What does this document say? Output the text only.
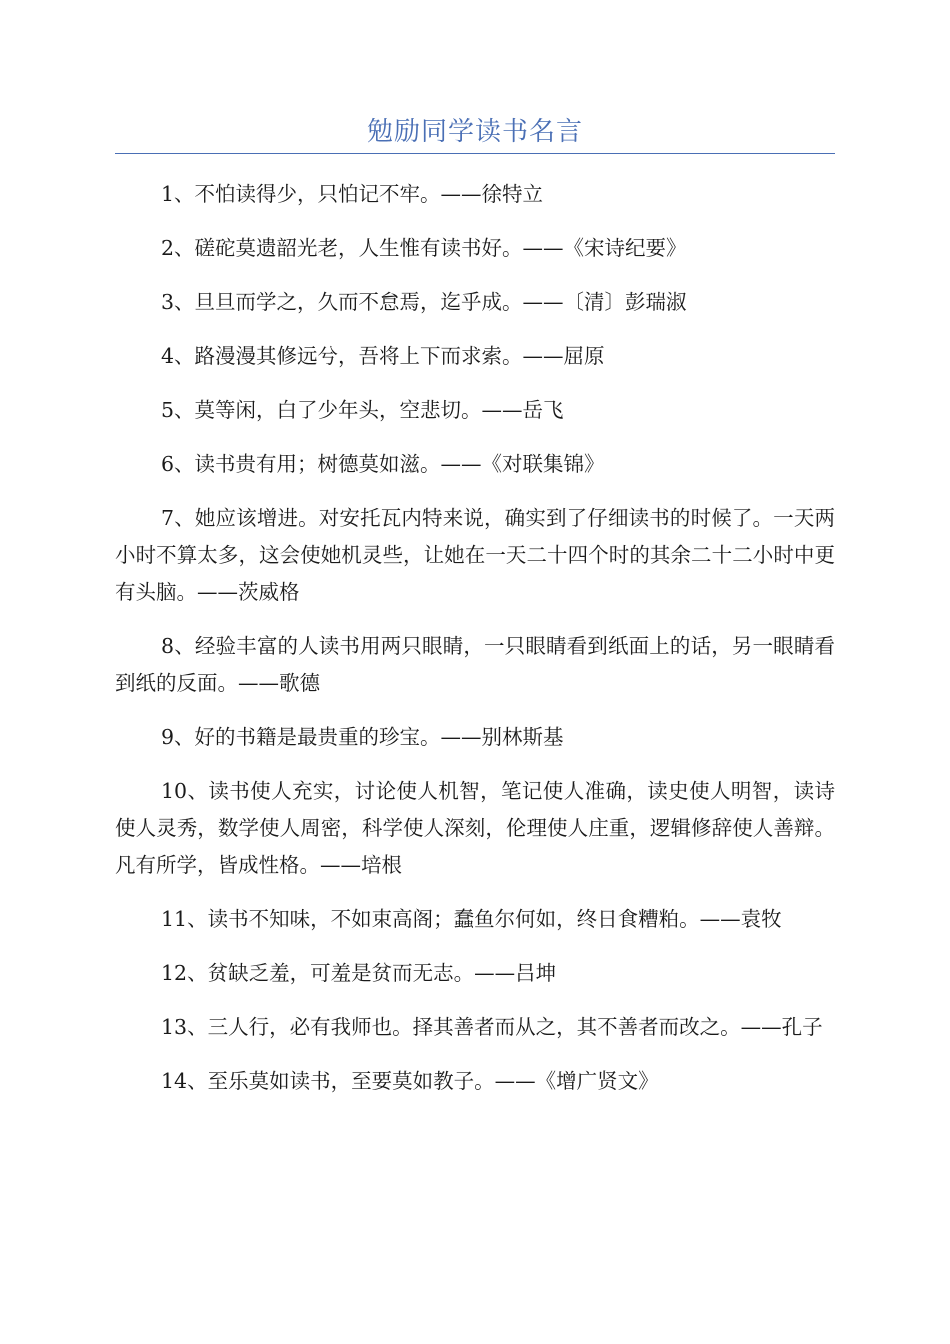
勉励同学读书名言

1、不怕读得少，只怕记不牢。——徐特立

2、磋砣莫遗韶光老，人生惟有读书好。——《宋诗纪要》

3、旦旦而学之，久而不怠焉，迄乎成。——〔清〕彭瑞淑

4、路漫漫其修远兮，吾将上下而求索。——屈原

5、莫等闲，白了少年头，空悲切。——岳飞

6、读书贵有用；树德莫如滋。——《对联集锦》

7、她应该增进。对安托瓦内特来说，确实到了仔细读书的时候了。一天两小时不算太多，这会使她机灵些，让她在一天二十四个时的其余二十二小时中更有头脑。——茨威格

8、经验丰富的人读书用两只眼睛，一只眼睛看到纸面上的话，另一眼睛看到纸的反面。——歌德

9、好的书籍是最贵重的珍宝。——别林斯基

10、读书使人充实，讨论使人机智，笔记使人准确，读史使人明智，读诗使人灵秀，数学使人周密，科学使人深刻，伦理使人庄重，逻辑修辞使人善辩。凡有所学，皆成性格。——培根

11、读书不知味，不如束高阁；蠢鱼尔何如，终日食糟粕。——袁牧

12、贫缺乏羞，可羞是贫而无志。——吕坤

13、三人行，必有我师也。择其善者而从之，其不善者而改之。——孔子

14、至乐莫如读书，至要莫如教子。——《增广贤文》
